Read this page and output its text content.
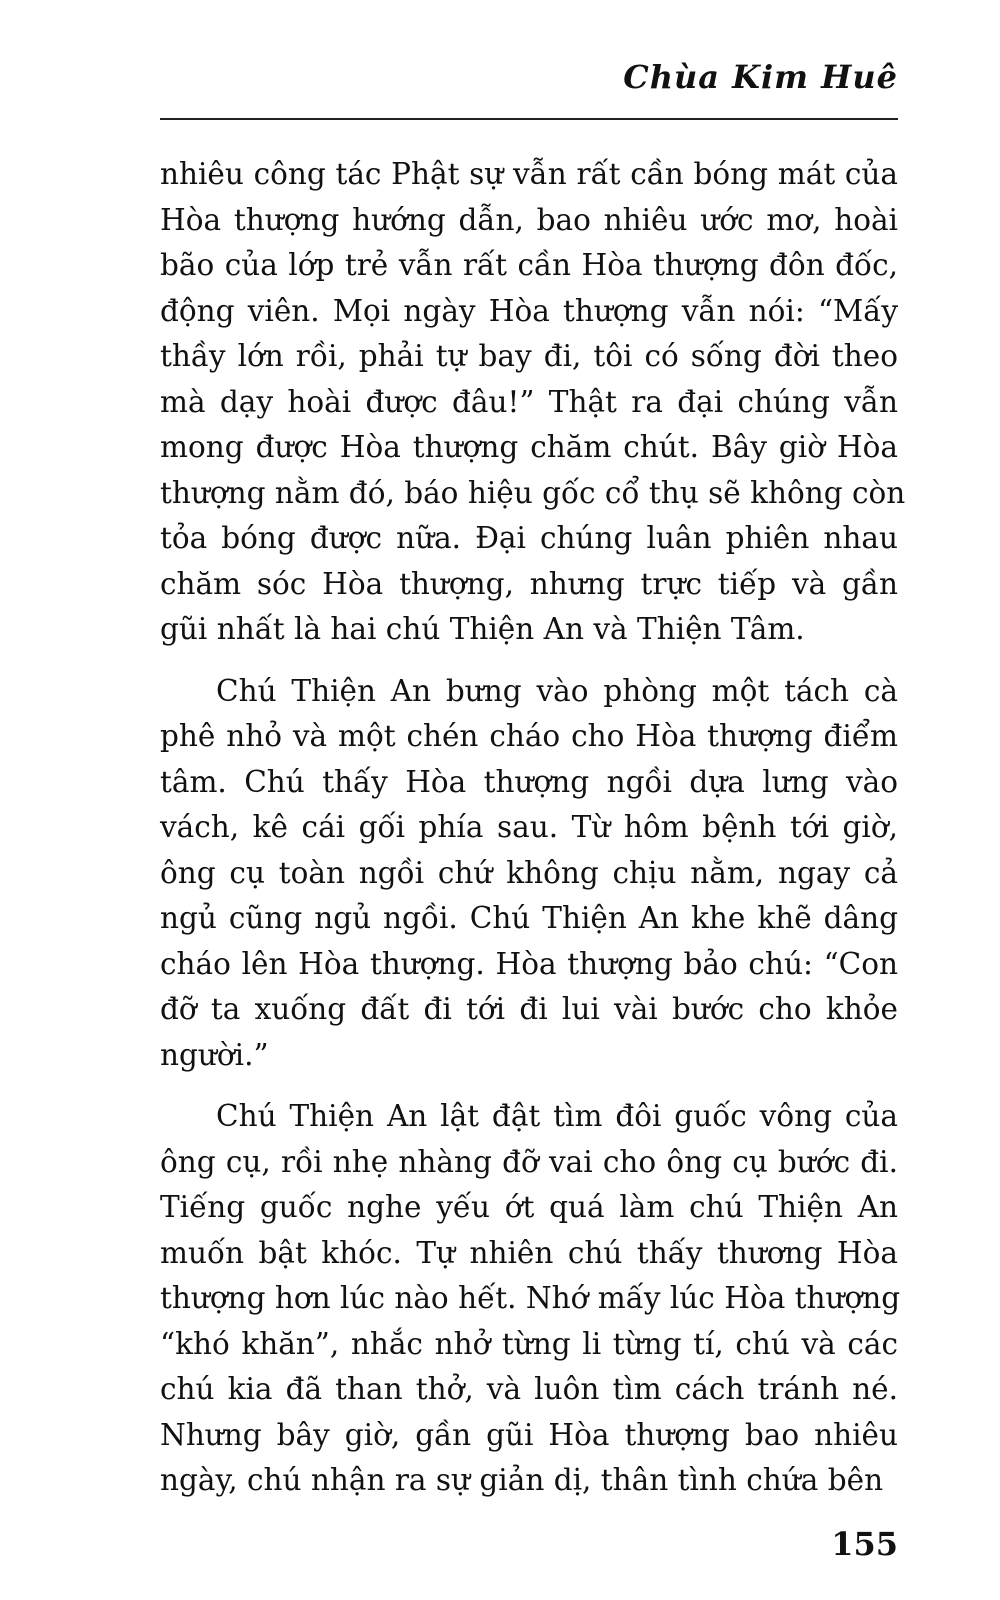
Chùa Kim Huê
nhiêu công tác Phật sự vẫn rất cần bóng mát của
Hòa thượng hướng dẫn, bao nhiêu ước mơ, hoài
bão của lớp trẻ vẫn rất cần Hòa thượng đôn đốc,
động viên. Mọi ngày Hòa thượng vẫn nói: “Mấy
thầy lớn rồi, phải tự bay đi, tôi có sống đời theo
mà dạy hoài được đâu!” Thật ra đại chúng vẫn
mong được Hòa thượng chăm chút. Bây giờ Hòa
thượng nằm đó, báo hiệu gốc cổ thụ sẽ không còn
tỏa bóng được nữa. Đại chúng luân phiên nhau
chăm sóc Hòa thượng, nhưng trực tiếp và gần
gũi nhất là hai chú Thiện An và Thiện Tâm.
Chú Thiện An bưng vào phòng một tách cà
phê nhỏ và một chén cháo cho Hòa thượng điểm
tâm. Chú thấy Hòa thượng ngồi dựa lưng vào
vách, kê cái gối phía sau. Từ hôm bệnh tới giờ,
ông cụ toàn ngồi chứ không chịu nằm, ngay cả
ngủ cũng ngủ ngồi. Chú Thiện An khe khẽ dâng
cháo lên Hòa thượng. Hòa thượng bảo chú: “Con
đỡ ta xuống đất đi tới đi lui vài bước cho khỏe
người.”
Chú Thiện An lật đật tìm đôi guốc vông của
ông cụ, rồi nhẹ nhàng đỡ vai cho ông cụ bước đi.
Tiếng guốc nghe yếu ớt quá làm chú Thiện An
muốn bật khóc. Tự nhiên chú thấy thương Hòa
thượng hơn lúc nào hết. Nhớ mấy lúc Hòa thượng
“khó khăn”, nhắc nhở từng li từng tí, chú và các
chú kia đã than thở, và luôn tìm cách tránh né.
Nhưng bây giờ, gần gũi Hòa thượng bao nhiêu
ngày, chú nhận ra sự giản dị, thân tình chứa bên
155
